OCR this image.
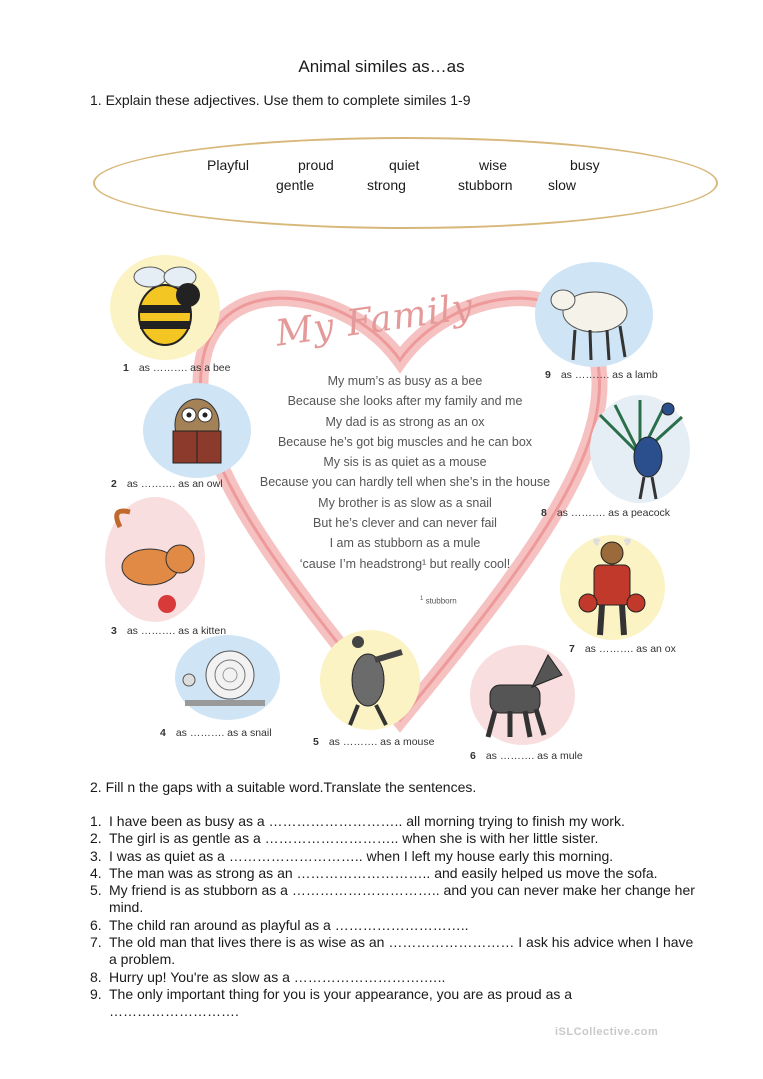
Animal similes as…as
1. Explain these adjectives. Use them to complete similes 1-9
Playful	proud	quiet	wise	busy
gentle	strong	stubborn	slow
My Family
My mum’s as busy as a bee
Because she looks after my family and me
My dad is as strong as an ox
Because he’s got big muscles and he can box
My sis is as quiet as a mouse
Because you can hardly tell when she’s in the house
My brother is as slow as a snail
But he’s clever and can never fail
I am as stubborn as a mule
‘cause I’m headstrong¹ but really cool!
$^1$ stubborn
1 as ………. as a bee
2 as ………. as an owl
3 as ………. as a kitten
4 as ………. as a snail
5 as ………. as a mouse
6 as ………. as a mule
7 as ………. as an ox
8 as ………. as a peacock
9 as ………. as a lamb
2. Fill n the gaps with a suitable word.Translate the sentences.
1. I have been as busy as a ……………………….. all morning trying to finish my work.
2. The girl is as gentle as a ……………………….. when she is with her little sister.
3. I was as quiet as a ……………………….. when I left my house early this morning.
4. The man was as strong as an ……………………….. and easily helped us move the sofa.
5. My friend is as stubborn as a ………………………….. and you can never make her change her mind.
6. The child ran around as playful as a ………………………..
7. The old man that lives there is as wise as an ……………………… I ask his advice when I have a problem.
8. Hurry up! You're as slow as a ……………………….…..
9. The only important thing for you is your appearance, you are as proud as a ……………………….
iSLCollective.com
